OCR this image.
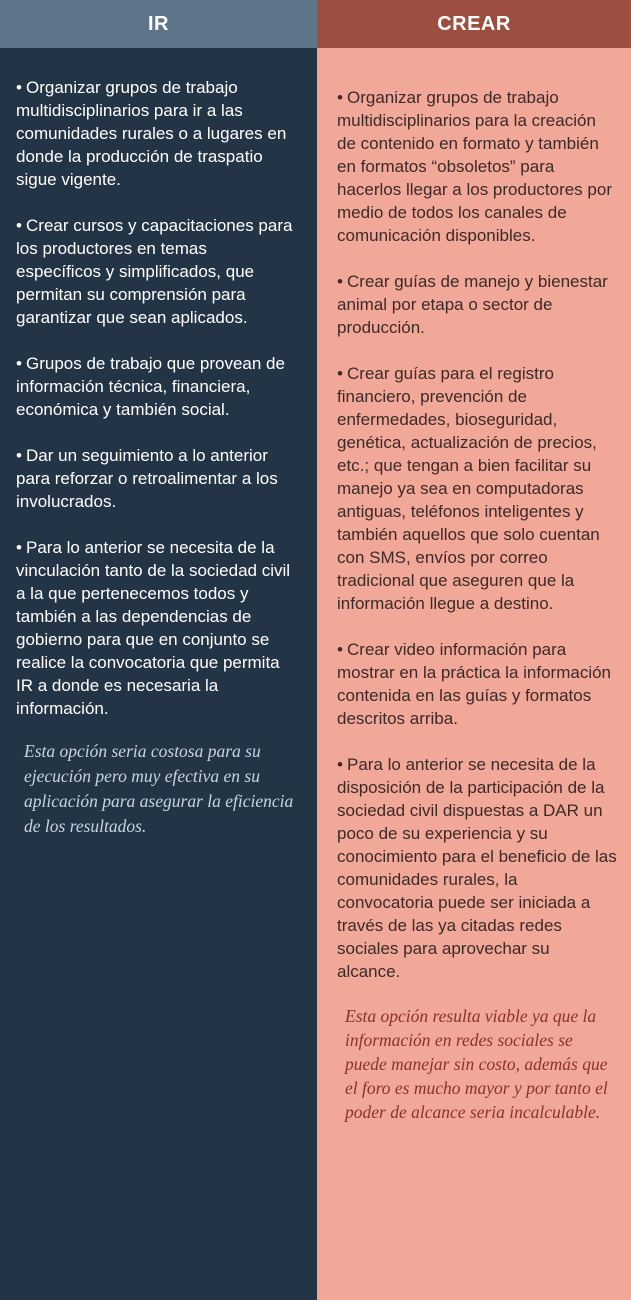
IR

• Organizar grupos de trabajo multidisciplinarios para ir a las comunidades rurales o a lugares en donde la producción de traspatio sigue vigente.

• Crear cursos y capacitaciones para los productores en temas específicos y simplificados, que permitan su comprensión para garantizar que sean aplicados.

• Grupos de trabajo que provean de información técnica, financiera, económica y también social.

• Dar un seguimiento a lo anterior para reforzar o retroalimentar a los involucrados.

• Para lo anterior se necesita de la vinculación tanto de la sociedad civil a la que pertenecemos todos y también a las dependencias de gobierno para que en conjunto se realice la convocatoria que permita IR a donde es necesaria la información.

Esta opción seria costosa para su ejecución pero muy efectiva en su aplicación para asegurar la eficiencia de los resultados.

CREAR

• Organizar grupos de trabajo multidisciplinarios para la creación de contenido en formato y también en formatos “obsoletos” para hacerlos llegar a los productores por medio de todos los canales de comunicación disponibles.

• Crear guías de manejo y bienestar animal por etapa o sector de producción.

• Crear guías para el registro financiero, prevención de enfermedades, bioseguridad, genética, actualización de precios, etc.; que tengan a bien facilitar su manejo ya sea en computadoras antiguas, teléfonos inteligentes y también aquellos que solo cuentan con SMS, envíos por correo tradicional que aseguren que la información llegue a destino.

• Crear video información para mostrar en la práctica la información contenida en las guías y formatos descritos arriba.

• Para lo anterior se necesita de la disposición de la participación de la sociedad civil dispuestas a DAR un poco de su experiencia y su conocimiento para el beneficio de las comunidades rurales, la convocatoria puede ser iniciada a través de las ya citadas redes sociales para aprovechar su alcance.

Esta opción resulta viable ya que la información en redes sociales se puede manejar sin costo, además que el foro es mucho mayor y por tanto el poder de alcance seria incalculable.
